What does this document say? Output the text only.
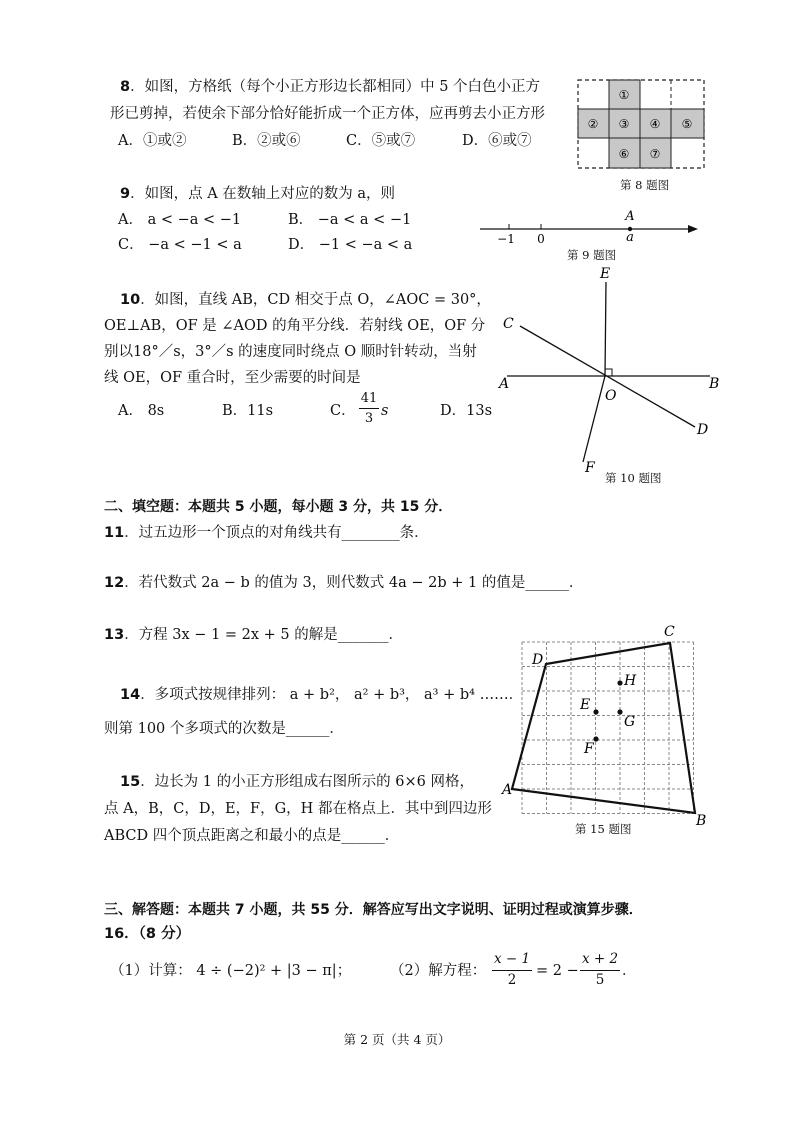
8．如图，方格纸（每个小正方形边长都相同）中 5 个白色小正方
形已剪掉，若使余下部分恰好能折成一个正方体，应再剪去小正方形
A．①或②	B．②或⑥	C．⑤或⑦	D．⑥或⑦
①
② ③ ④ ⑤
⑥ ⑦
第 8 题图
9．如图，点 A 在数轴上对应的数为 a，则
A． a < −a < −1	B． −a < a < −1
C． −a < −1 < a	D． −1 < −a < a
A
−1 0	a
第 9 题图
10．如图，直线 AB，CD 相交于点 O，∠AOC = 30°，
OE⊥AB，OF 是 ∠AOD 的角平分线．若射线 OE，OF 分
别以18°／s，3°／s 的速度同时绕点 O 顺时针转动，当射
线 OE，OF 重合时，至少需要的时间是
A． 8s	B．11s	C．
41
3 s	D．13s
E
C
A	B
O
D
F
第 10 题图
二、填空题：本题共 5 小题，每小题 3 分，共 15 分．
11．过五边形一个顶点的对角线共有________条．
12．若代数式 2a − b 的值为 3，则代数式 4a − 2b + 1 的值是______．
13．方程 3x − 1 = 2x + 5 的解是_______．
14．多项式按规律排列： a + b²， a² + b³， a³ + b⁴ ……．
则第 100 个多项式的次数是______．
15．边长为 1 的小正方形组成右图所示的 6×6 网格，
点 A，B，C，D，E，F，G，H 都在格点上．其中到四边形
ABCD 四个顶点距离之和最小的点是______．
H
E
G
F
D
C
A
B
第 15 题图
三、解答题：本题共 7 小题，共 55 分．解答应写出文字说明、证明过程或演算步骤．
16．（8 分）
（1）计算： 4 ÷ (−2)² + |3 − π|；	（2）解方程：
x − 1
2
= 2 −
x + 2
5
．
第 2 页（共 4 页）
